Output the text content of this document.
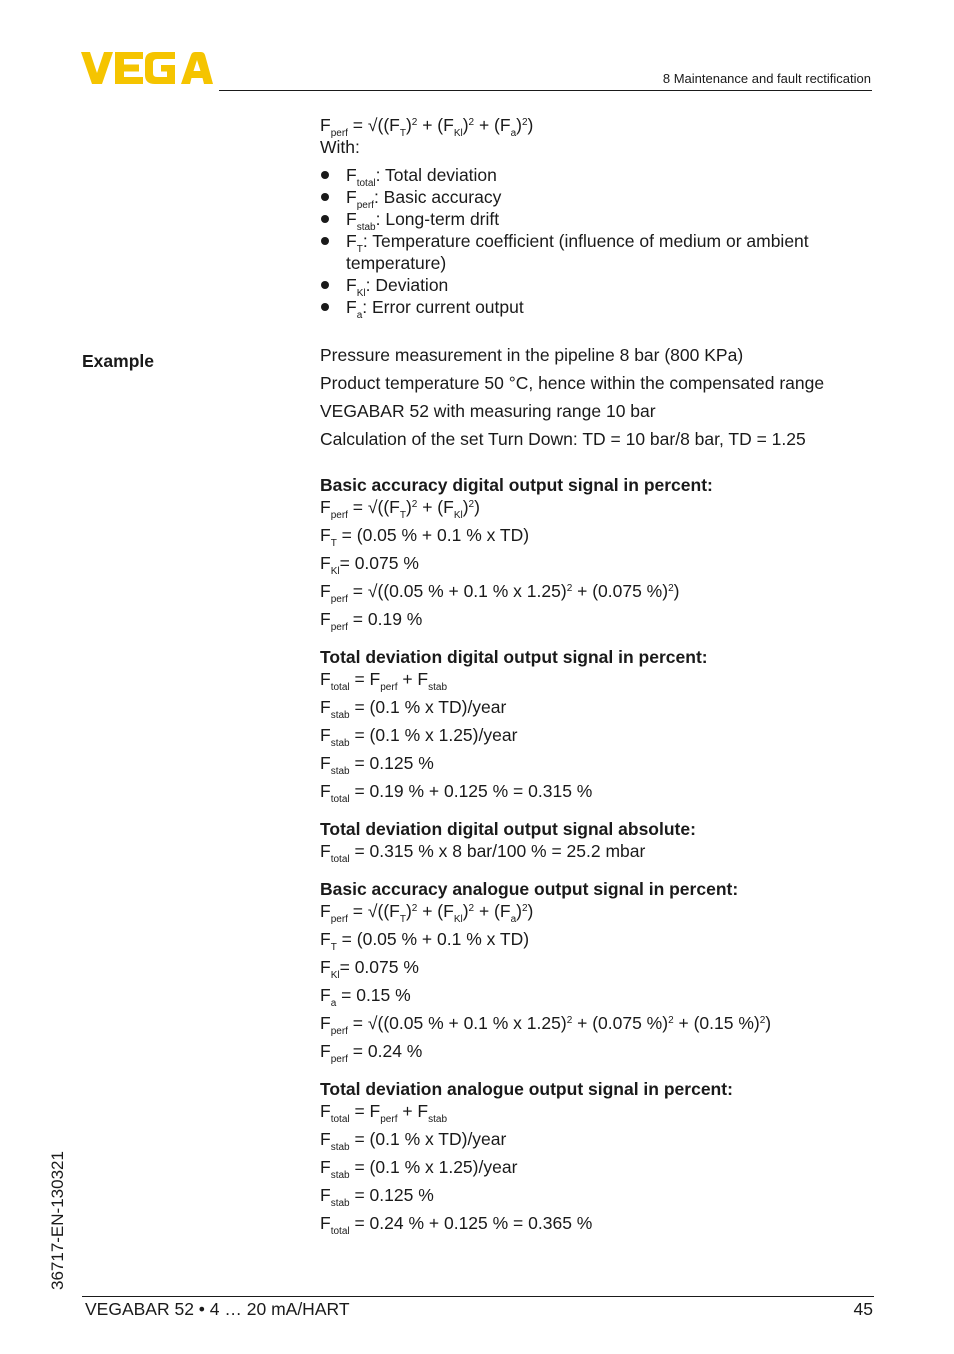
8 Maintenance and fault rectification
Example

$F_{perf} = √((F_T)^2 + (F_{Kl})^2 + (F_a)^2)$

With:

$F_{total}$: Total deviation
$F_{perf}$: Basic accuracy
$F_{stab}$: Long-term drift
$F_T$: Temperature coefficient (influence of medium or ambient
temperature)
$F_{Kl}$: Deviation
$F_a$: Error current output

Pressure measurement in the pipeline 8 bar (800 KPa)

Product temperature 50 °C, hence within the compensated range

VEGABAR 52 with measuring range 10 bar

Calculation of the set Turn Down: TD = 10 bar/8 bar, TD = 1.25

Basic accuracy digital output signal in percent:

$F_{perf} = √((F_T)^2 + (F_{Kl})^2)$

$F_T = (0.05$ % + 0.1 % x TD)

$F_{Kl}= 0.075$ %

$F_{perf} = √((0.05$ % + 0.1 % x 1.25)$^2$ + (0.075 %)$^2$)

$F_{perf} = 0.19$ %

Total deviation digital output signal in percent:

$F_{total} = F_{perf} + F_{stab}$

$F_{stab} = (0.1$ % x TD)/year

$F_{stab} = (0.1$ % x 1.25)/year

$F_{stab} = 0.125$ %

$F_{total} = 0.19$ % + 0.125 % = 0.315 %

Total deviation digital output signal absolute:

$F_{total} = 0.315$ % x 8 bar/100 % = 25.2 mbar

Basic accuracy analogue output signal in percent:

$F_{perf} = √((F_T)^2 + (F_{Kl})^2 + (F_a)^2)$

$F_T = (0.05$ % + 0.1 % x TD)

$F_{Kl}= 0.075$ %

$F_a = 0.15$ %

$F_{perf} = √((0.05$ % + 0.1 % x 1.25)$^2$ + (0.075 %)$^2$ + (0.15 %)$^2$)

$F_{perf} = 0.24$ %

Total deviation analogue output signal in percent:

$F_{total} = F_{perf} + F_{stab}$

$F_{stab} = (0.1$ % x TD)/year

$F_{stab} = (0.1$ % x 1.25)/year

$F_{stab} = 0.125$ %

$F_{total} = 0.24$ % + 0.125 % = 0.365 %

36717-EN-130321
VEGABAR 52 • 4 … 20 mA/HART	45
